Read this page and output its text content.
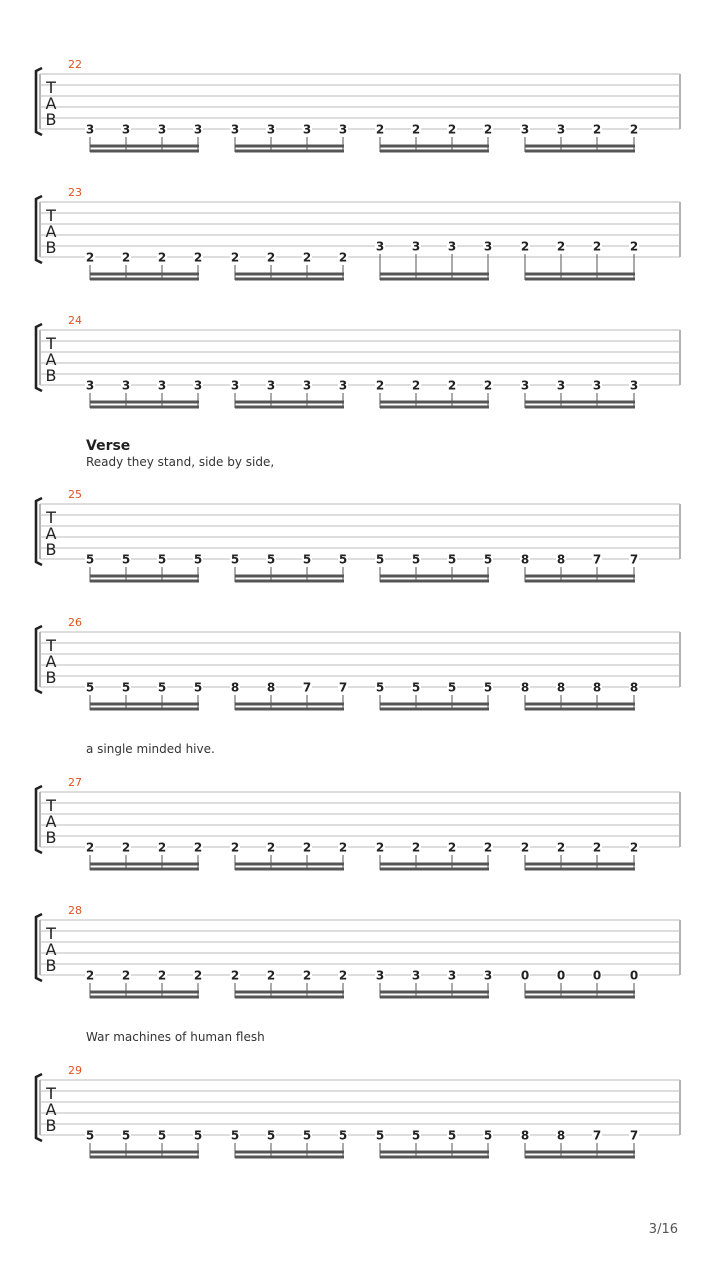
Verse
Ready they stand, side by side,
a single minded hive.
War machines of human flesh
3/16
22
T
A
B
3 3 3 3 3 3 3 3 2 2 2 2 3 3 2 2
23
T
A
B
2 2 2 2 2 2 2 2
3 3 3 3 2 2 2 2
24
T
A
B
3 3 3 3 3 3 3 3 2 2 2 2 3 3 3 3
25
T
A
B
5 5 5 5 5 5 5 5 5 5 5 5 8 8 7 7
26
T
A
B
5 5 5 5 8 8 7 7 5 5 5 5 8 8 8 8
27
T
A
B
2 2 2 2 2 2 2 2 2 2 2 2 2 2 2 2
28
T
A
B
2 2 2 2 2 2 2 2 3 3 3 3 0 0 0 0
29
T
A
B
5 5 5 5 5 5 5 5 5 5 5 5 8 8 7 7
